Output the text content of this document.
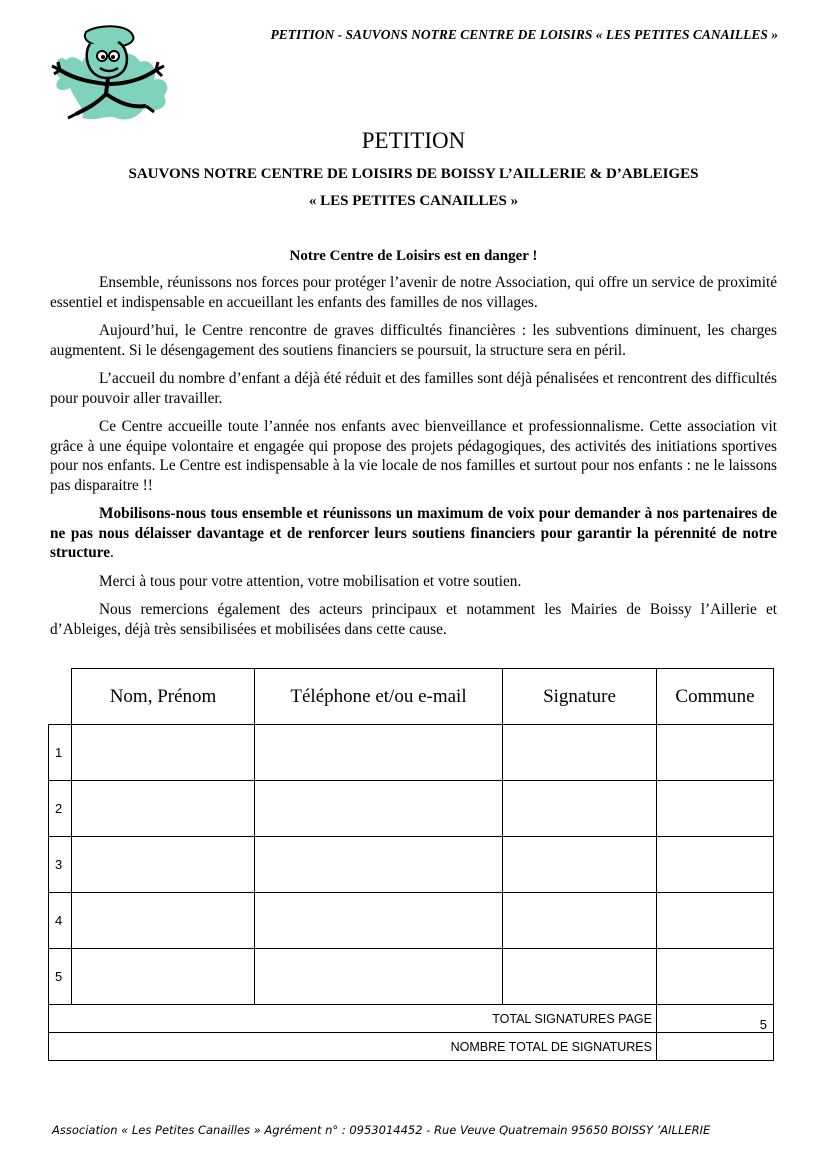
PETITION - SAUVONS NOTRE CENTRE DE LOISIRS « LES PETITES CANAILLES »
PETITION
SAUVONS NOTRE CENTRE DE LOISIRS DE BOISSY L’AILLERIE & D’ABLEIGES
« LES PETITES CANAILLES »
Notre Centre de Loisirs est en danger !

Ensemble, réunissons nos forces pour protéger l’avenir de notre Association, qui offre un service de proximité essentiel et indispensable en accueillant les enfants des familles de nos villages.

Aujourd’hui, le Centre rencontre de graves difficultés financières : les subventions diminuent, les charges augmentent. Si le désengagement des soutiens financiers se poursuit, la structure sera en péril.

L’accueil du nombre d’enfant a déjà été réduit et des familles sont déjà pénalisées et rencontrent des difficultés pour pouvoir aller travailler.

Ce Centre accueille toute l’année nos enfants avec bienveillance et professionnalisme. Cette association vit grâce à une équipe volontaire et engagée qui propose des projets pédagogiques, des activités des initiations sportives pour nos enfants. Le Centre est indispensable à la vie locale de nos familles et surtout pour nos enfants : ne le laissons pas disparaitre !!

Mobilisons-nous tous ensemble et réunissons un maximum de voix pour demander à nos partenaires de ne pas nous délaisser davantage et de renforcer leurs soutiens financiers pour garantir la pérennité de notre structure.

Merci à tous pour votre attention, votre mobilisation et votre soutien.

Nous remercions également des acteurs principaux et notamment les Mairies de Boissy l’Aillerie et d’Ableiges, déjà très sensibilisées et mobilisées dans cette cause.

	Nom, Prénom	Téléphone et/ou e-mail	Signature	Commune
1				
2				
3				
4				
5				
TOTAL SIGNATURES PAGE				5
NOMBRE TOTAL DE SIGNATURES				
Association « Les Petites Canailles » Agrément n° : 0953014452 - Rue Veuve Quatremain 95650 BOISSY ’AILLERIE
